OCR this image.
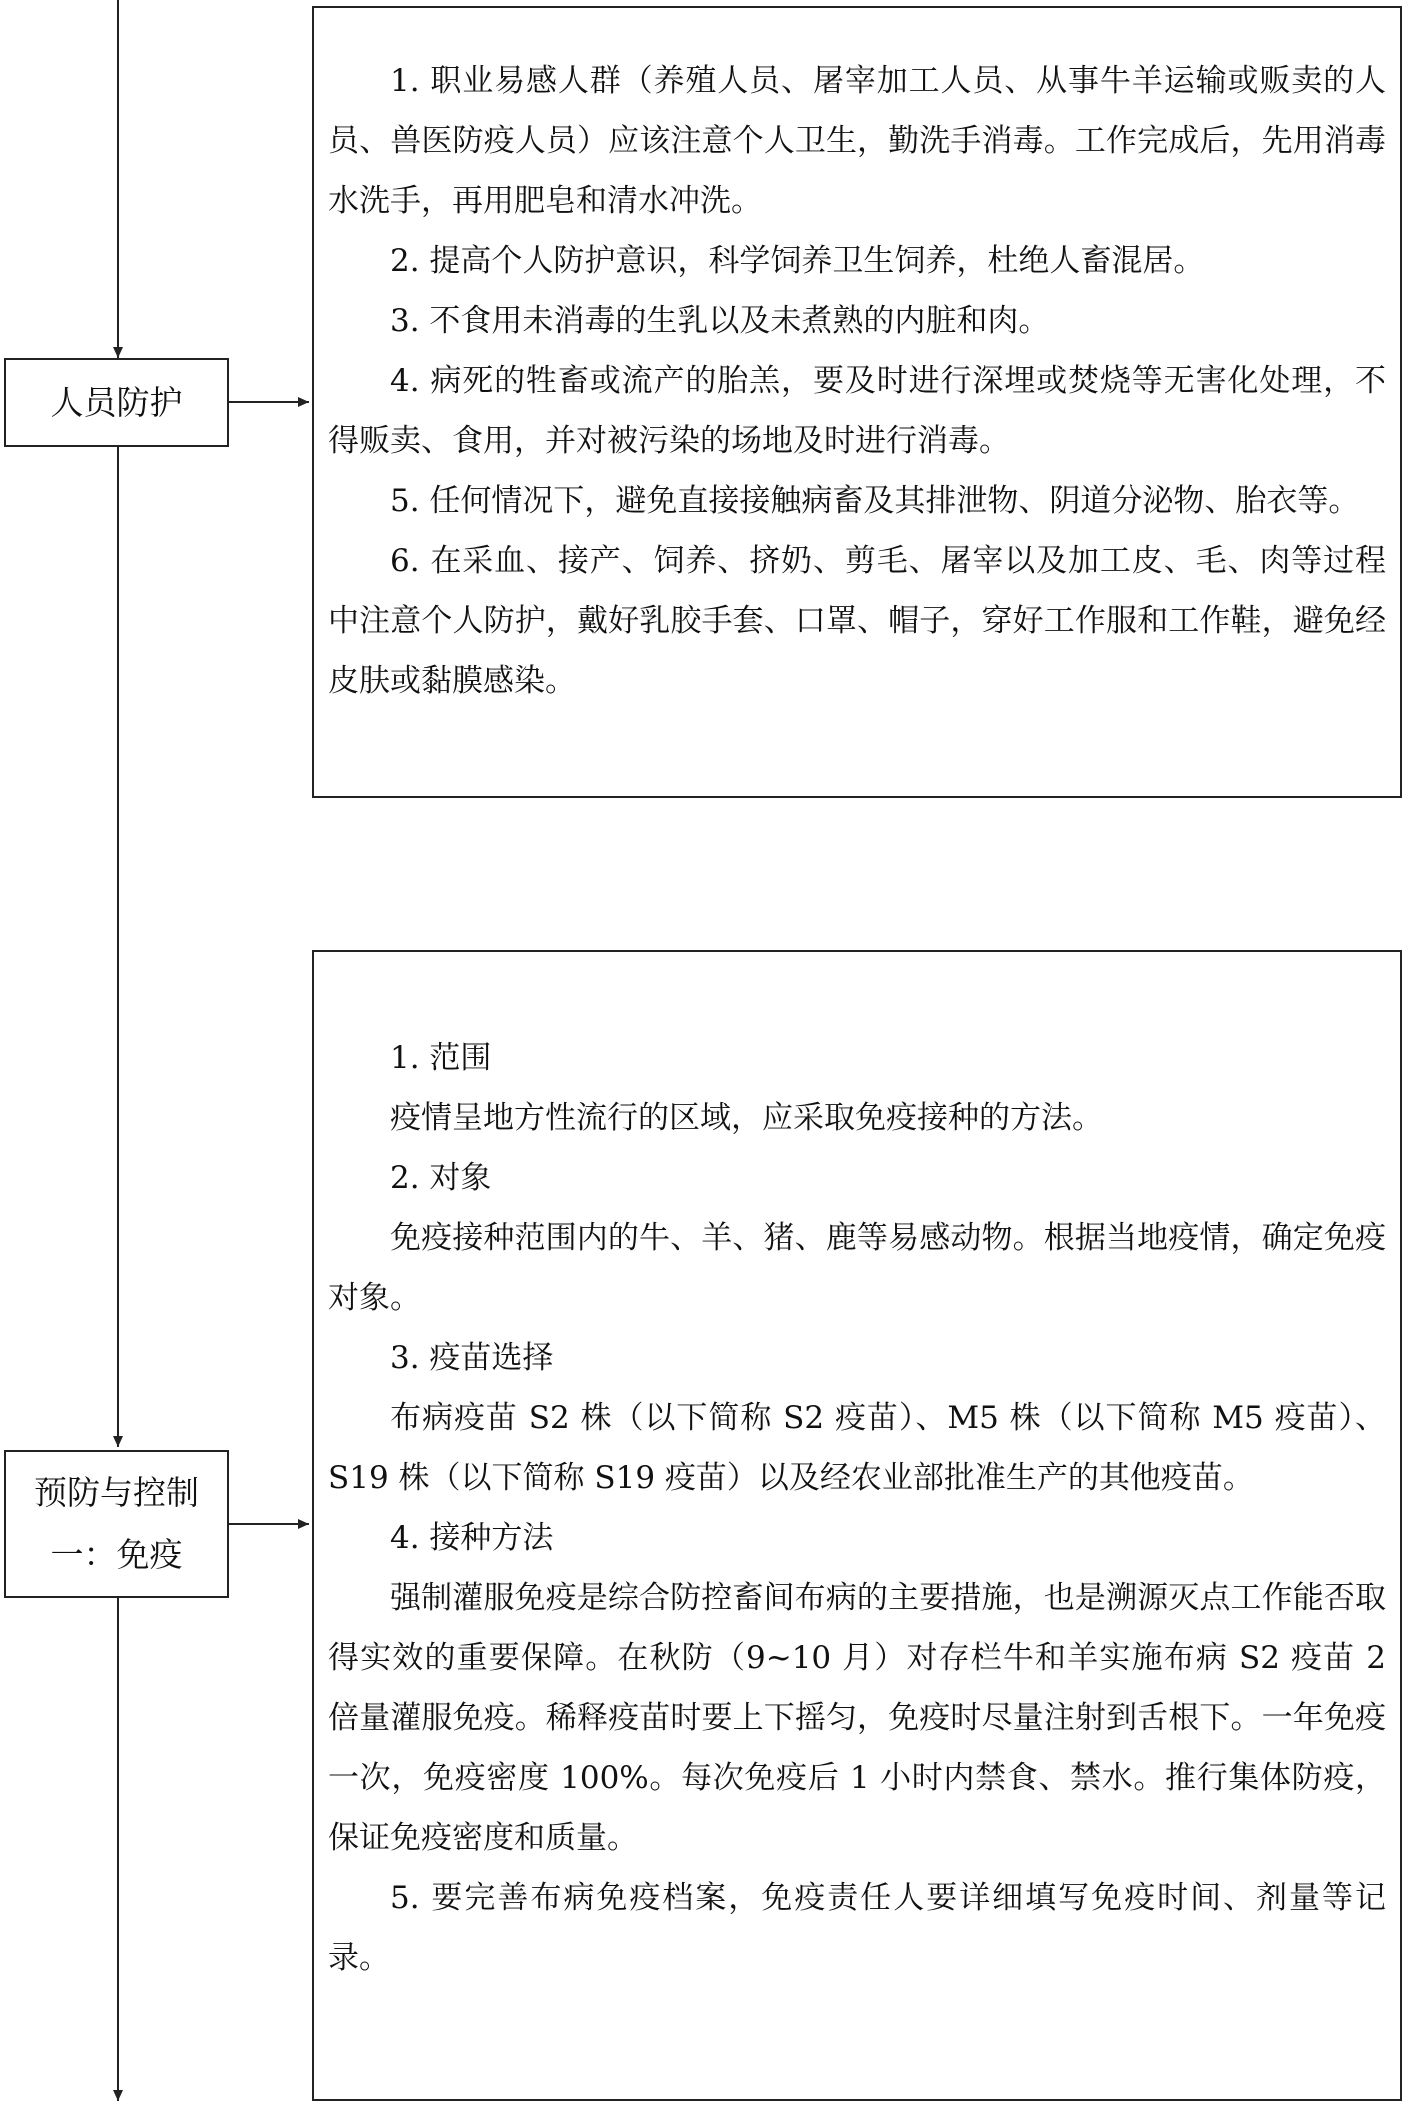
人员防护
预防与控制一：免疫

1. 职业易感人群（养殖人员、屠宰加工人员、从事牛羊运输或贩卖的人员、兽医防疫人员）应该注意个人卫生，勤洗手消毒。工作完成后，先用消毒水洗手，再用肥皂和清水冲洗。

2. 提高个人防护意识，科学饲养卫生饲养，杜绝人畜混居。

3. 不食用未消毒的生乳以及未煮熟的内脏和肉。

4. 病死的牲畜或流产的胎羔，要及时进行深埋或焚烧等无害化处理，不得贩卖、食用，并对被污染的场地及时进行消毒。

5. 任何情况下，避免直接接触病畜及其排泄物、阴道分泌物、胎衣等。

6. 在采血、接产、饲养、挤奶、剪毛、屠宰以及加工皮、毛、肉等过程中注意个人防护，戴好乳胶手套、口罩、帽子，穿好工作服和工作鞋，避免经皮肤或黏膜感染。

1. 范围

疫情呈地方性流行的区域，应采取免疫接种的方法。

2. 对象

免疫接种范围内的牛、羊、猪、鹿等易感动物。根据当地疫情，确定免疫对象。

3. 疫苗选择

布病疫苗 S2 株（以下简称 S2 疫苗）、M5 株（以下简称 M5 疫苗）、S19 株（以下简称 S19 疫苗）以及经农业部批准生产的其他疫苗。

4. 接种方法

强制灌服免疫是综合防控畜间布病的主要措施，也是溯源灭点工作能否取得实效的重要保障。在秋防（9~10 月）对存栏牛和羊实施布病 S2 疫苗 2 倍量灌服免疫。稀释疫苗时要上下摇匀，免疫时尽量注射到舌根下。一年免疫一次，免疫密度 100%。每次免疫后 1 小时内禁食、禁水。推行集体防疫，保证免疫密度和质量。

5. 要完善布病免疫档案，免疫责任人要详细填写免疫时间、剂量等记录。
